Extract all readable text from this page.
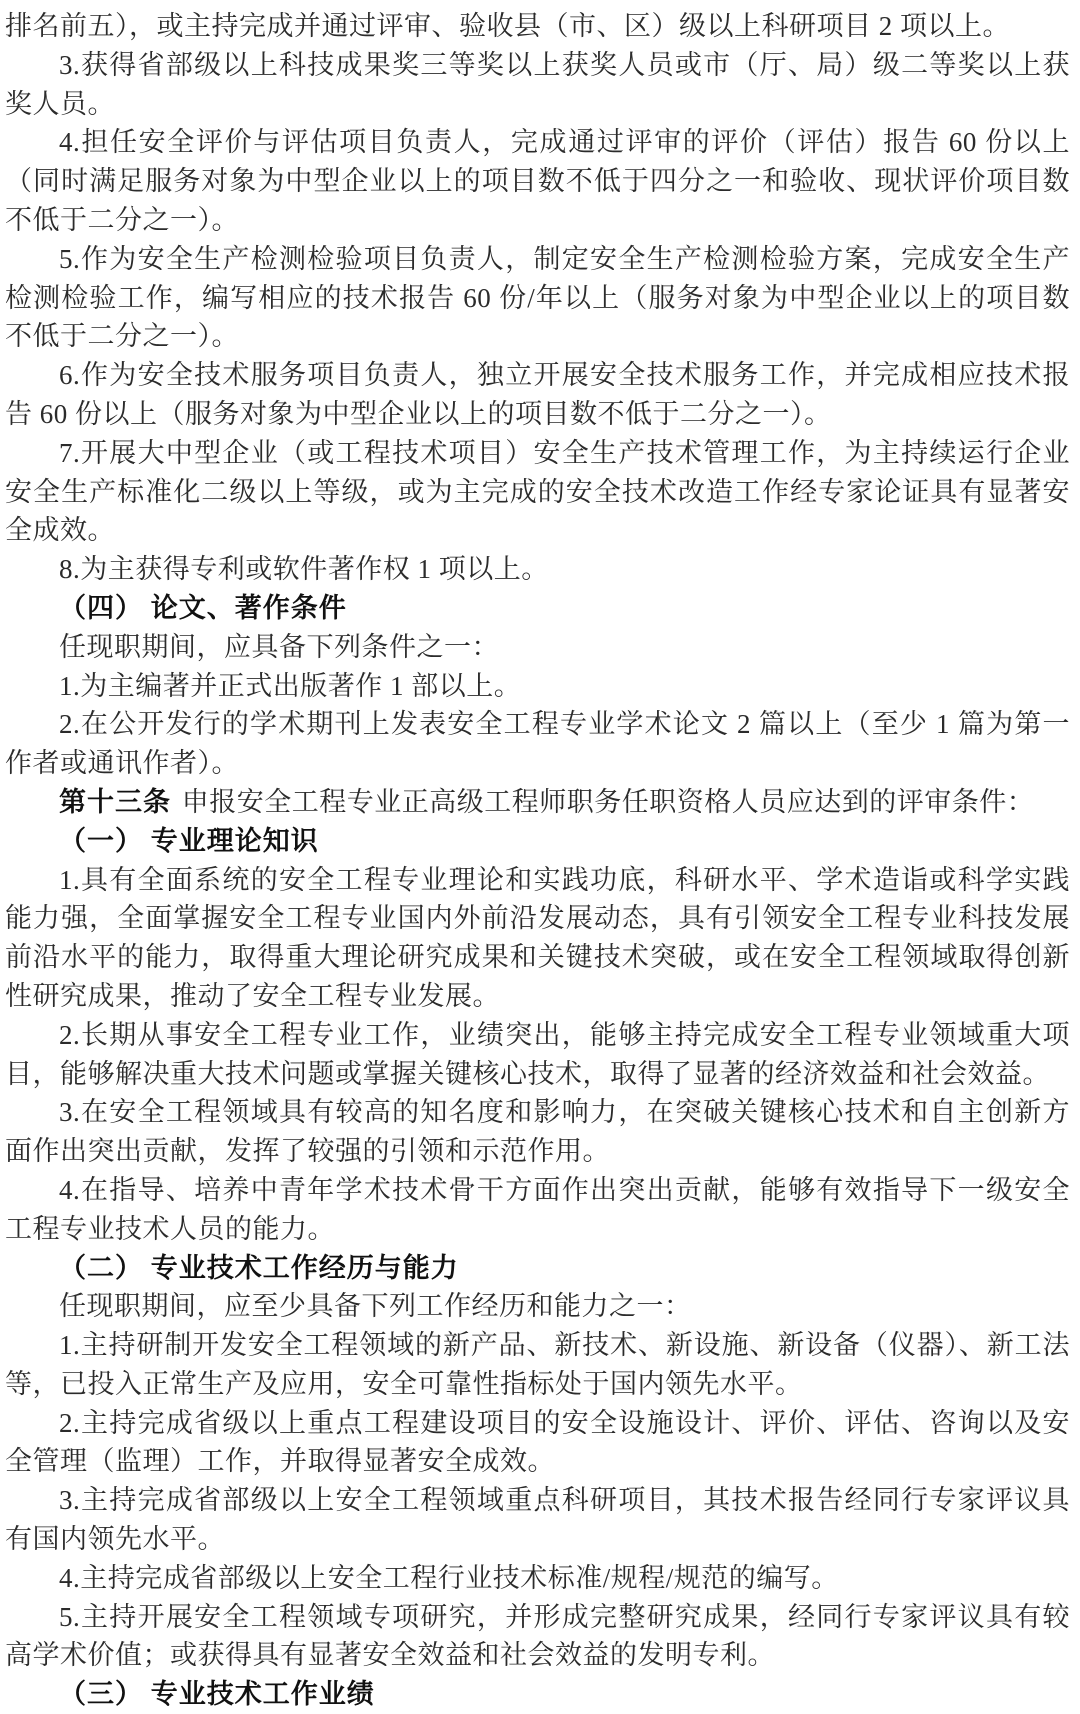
排名前五），或主持完成并通过评审、验收县（市、区）级以上科研项目 2 项以上。

3.获得省部级以上科技成果奖三等奖以上获奖人员或市（厅、局）级二等奖以上获奖人员。

4.担任安全评价与评估项目负责人，完成通过评审的评价（评估）报告 60 份以上（同时满足服务对象为中型企业以上的项目数不低于四分之一和验收、现状评价项目数不低于二分之一）。

5.作为安全生产检测检验项目负责人，制定安全生产检测检验方案，完成安全生产检测检验工作，编写相应的技术报告 60 份/年以上（服务对象为中型企业以上的项目数不低于二分之一）。

6.作为安全技术服务项目负责人，独立开展安全技术服务工作，并完成相应技术报告 60 份以上（服务对象为中型企业以上的项目数不低于二分之一）。

7.开展大中型企业（或工程技术项目）安全生产技术管理工作，为主持续运行企业安全生产标准化二级以上等级，或为主完成的安全技术改造工作经专家论证具有显著安全成效。

8.为主获得专利或软件著作权 1 项以上。

（四） 论文、著作条件

任现职期间，应具备下列条件之一：

1.为主编著并正式出版著作 1 部以上。

2.在公开发行的学术期刊上发表安全工程专业学术论文 2 篇以上（至少 1 篇为第一作者或通讯作者）。

第十三条 申报安全工程专业正高级工程师职务任职资格人员应达到的评审条件：

（一） 专业理论知识

1.具有全面系统的安全工程专业理论和实践功底，科研水平、学术造诣或科学实践能力强，全面掌握安全工程专业国内外前沿发展动态，具有引领安全工程专业科技发展前沿水平的能力，取得重大理论研究成果和关键技术突破，或在安全工程领域取得创新性研究成果，推动了安全工程专业发展。

2.长期从事安全工程专业工作，业绩突出，能够主持完成安全工程专业领域重大项目，能够解决重大技术问题或掌握关键核心技术，取得了显著的经济效益和社会效益。

3.在安全工程领域具有较高的知名度和影响力，在突破关键核心技术和自主创新方面作出突出贡献，发挥了较强的引领和示范作用。

4.在指导、培养中青年学术技术骨干方面作出突出贡献，能够有效指导下一级安全工程专业技术人员的能力。

（二） 专业技术工作经历与能力

任现职期间，应至少具备下列工作经历和能力之一：

1.主持研制开发安全工程领域的新产品、新技术、新设施、新设备（仪器）、新工法等，已投入正常生产及应用，安全可靠性指标处于国内领先水平。

2.主持完成省级以上重点工程建设项目的安全设施设计、评价、评估、咨询以及安全管理（监理）工作，并取得显著安全成效。

3.主持完成省部级以上安全工程领域重点科研项目，其技术报告经同行专家评议具有国内领先水平。

4.主持完成省部级以上安全工程行业技术标准/规程/规范的编写。

5.主持开展安全工程领域专项研究，并形成完整研究成果，经同行专家评议具有较高学术价值；或获得具有显著安全效益和社会效益的发明专利。

（三） 专业技术工作业绩
